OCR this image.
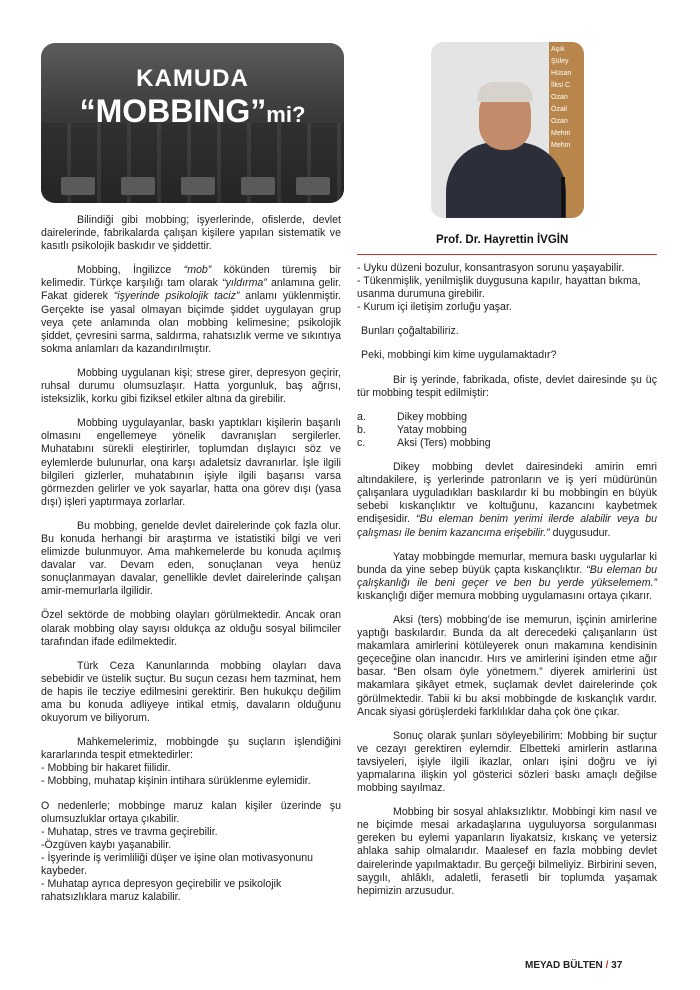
KAMUDA
“MOBBING”mi?
Aşık
Şüley
Hüsan
İlksi C
Ozan
Özail
Ozan
Mehm
Mehm
Prof. Dr. Hayrettin İVGİN

Bilindiği gibi mobbing; işyerlerinde, ofislerde, devlet dairelerinde, fabrikalarda çalışan kişilere yapılan sistematik ve kasıtlı psikolojik baskıdır ve şiddettir.

Mobbing, İngilizce “mob” kökünden türemiş bir kelimedir. Türkçe karşılığı tam olarak “yıldırma” anlamına gelir. Fakat giderek “işyerinde psikolojik taciz” anlamı yüklenmiştir. Gerçekte ise yasal olmayan biçimde şiddet uygulayan grup veya çete anlamında olan mobbing kelimesine; psikolojik şiddet, çevresini sarma, saldırma, rahatsızlık verme ve sıkıntıya sokma anlamları da kazandırılmıştır.

Mobbing uygulanan kişi; strese girer, depresyon geçirir, ruhsal durumu olumsuzlaşır. Hatta yorgunluk, baş ağrısı, isteksizlik, korku gibi fiziksel etkiler altına da girebilir.

Mobbing uygulayanlar, baskı yaptıkları kişilerin başarılı olmasını engellemeye yönelik davranışları sergilerler. Muhatabını sürekli eleştirirler, toplumdan dışlayıcı söz ve eylemlerde bulunurlar, ona karşı adaletsiz davranırlar. İşle ilgili bilgileri gizlerler, muhatabının işiyle ilgili başarısı varsa görmezden gelirler ve yok sayarlar, hatta ona görev dışı (yasa dışı) işleri yaptırmaya zorlarlar.

Bu mobbing, genelde devlet dairelerinde çok fazla olur. Bu konuda herhangi bir araştırma ve istatistiki bilgi ve veri elimizde bulunmuyor. Ama mahkemelerde bu konuda açılmış davalar var. Devam eden, sonuçlanan veya henüz sonuçlanmayan davalar, genellikle devlet dairelerinde çalışan amir-memurlarla ilgilidir.

Özel sektörde de mobbing olayları görülmektedir. Ancak oran olarak mobbing olay sayısı oldukça az olduğu sosyal bilimciler tarafından ifade edilmektedir.

Türk Ceza Kanunlarında mobbing olayları dava sebebidir ve üstelik suçtur. Bu suçun cezası hem tazminat, hem de hapis ile tecziye edilmesini gerektirir. Ben hukukçu değilim ama bu konuda adliyeye intikal etmiş, davaların olduğunu okuyorum ve biliyorum.

Mahkemelerimiz, mobbingde şu suçların işlendiğini kararlarında tespit etmektedirler:

- Mobbing bir hakaret fiilidir.
- Mobbing, muhatap kişinin intihara sürüklenme eylemidir.

O nedenlerle; mobbinge maruz kalan kişiler üzerinde şu olumsuzluklar ortaya çıkabilir.

- Muhatap, stres ve travma geçirebilir.
-Özgüven kaybı yaşanabilir.
- İşyerinde iş verimliliği düşer ve işine olan motivasyonunu kaybeder.
- Muhatap ayrıca depresyon geçirebilir ve psikolojik rahatsızlıklara maruz kalabilir.
- Uyku düzeni bozulur, konsantrasyon sorunu yaşayabilir.
- Tükenmişlik, yenilmişlik duygusuna kapılır, hayattan bıkma, usanma durumuna girebilir.
- Kurum içi iletişim zorluğu yaşar.

Bunları çoğaltabiliriz.

Peki, mobbingi kim kime uygulamaktadır?

Bir iş yerinde, fabrikada, ofiste, devlet dairesinde şu üç tür mobbing tespit edilmiştir:

a.	Dikey mobbing
b.	Yatay mobbing
c.	Aksi (Ters) mobbing

Dikey mobbing devlet dairesindeki amirin emri altındakilere, iş yerlerinde patronların ve iş yeri müdürünün çalışanlara uyguladıkları baskılardır ki bu mobbingin en büyük sebebi kıskançlıktır ve koltuğunu, kazancını kaybetmek endişesidir. “Bu eleman benim yerimi ilerde alabilir veya bu çalışması ile benim kazancıma erişebilir.” duygusudur.

Yatay mobbingde memurlar, memura baskı uygularlar ki bunda da yine sebep büyük çapta kıskançlıktır. “Bu eleman bu çalışkanlığı ile beni geçer ve ben bu yerde yükselemem.” kıskançlığı diğer memura mobbing uygulamasını ortaya çıkarır.

Aksi (ters) mobbing’de ise memurun, işçinin amirlerine yaptığı baskılardır. Bunda da alt derecedeki çalışanların üst makamlara amirlerini kötüleyerek onun makamına kendisinin geçeceğine olan inancıdır. Hırs ve amirlerini işinden etme ağır basar. “Ben olsam öyle yönetmem.” diyerek amirlerini üst makamlara şikâyet etmek, suçlamak devlet dairelerinde çok görülmektedir. Tabii ki bu aksi mobbingde de kıskançlık vardır. Ancak siyasi görüşlerdeki farklılıklar daha çok öne çıkar.

Sonuç olarak şunları söyleyebilirim: Mobbing bir suçtur ve cezayı gerektiren eylemdir. Elbetteki amirlerin astlarına tavsiyeleri, işiyle ilgili ikazlar, onları işini doğru ve iyi yapmalarına ilişkin yol gösterici sözleri baskı amaçlı değilse mobbing sayılmaz.

Mobbing bir sosyal ahlaksızlıktır. Mobbingi kim nasıl ve ne biçimde mesai arkadaşlarına uyguluyorsa sorgulanması gereken bu eylemi yapanların liyakatsiz, kıskanç ve yetersiz ahlaka sahip olmalarıdır. Maalesef en fazla mobbing devlet dairelerinde yapılmaktadır. Bu gerçeği bilmeliyiz. Birbirini seven, saygılı, ahlâklı, adaletli, ferasetli bir toplumda yaşamak hepimizin arzusudur.

MEYAD BÜLTEN / 37
